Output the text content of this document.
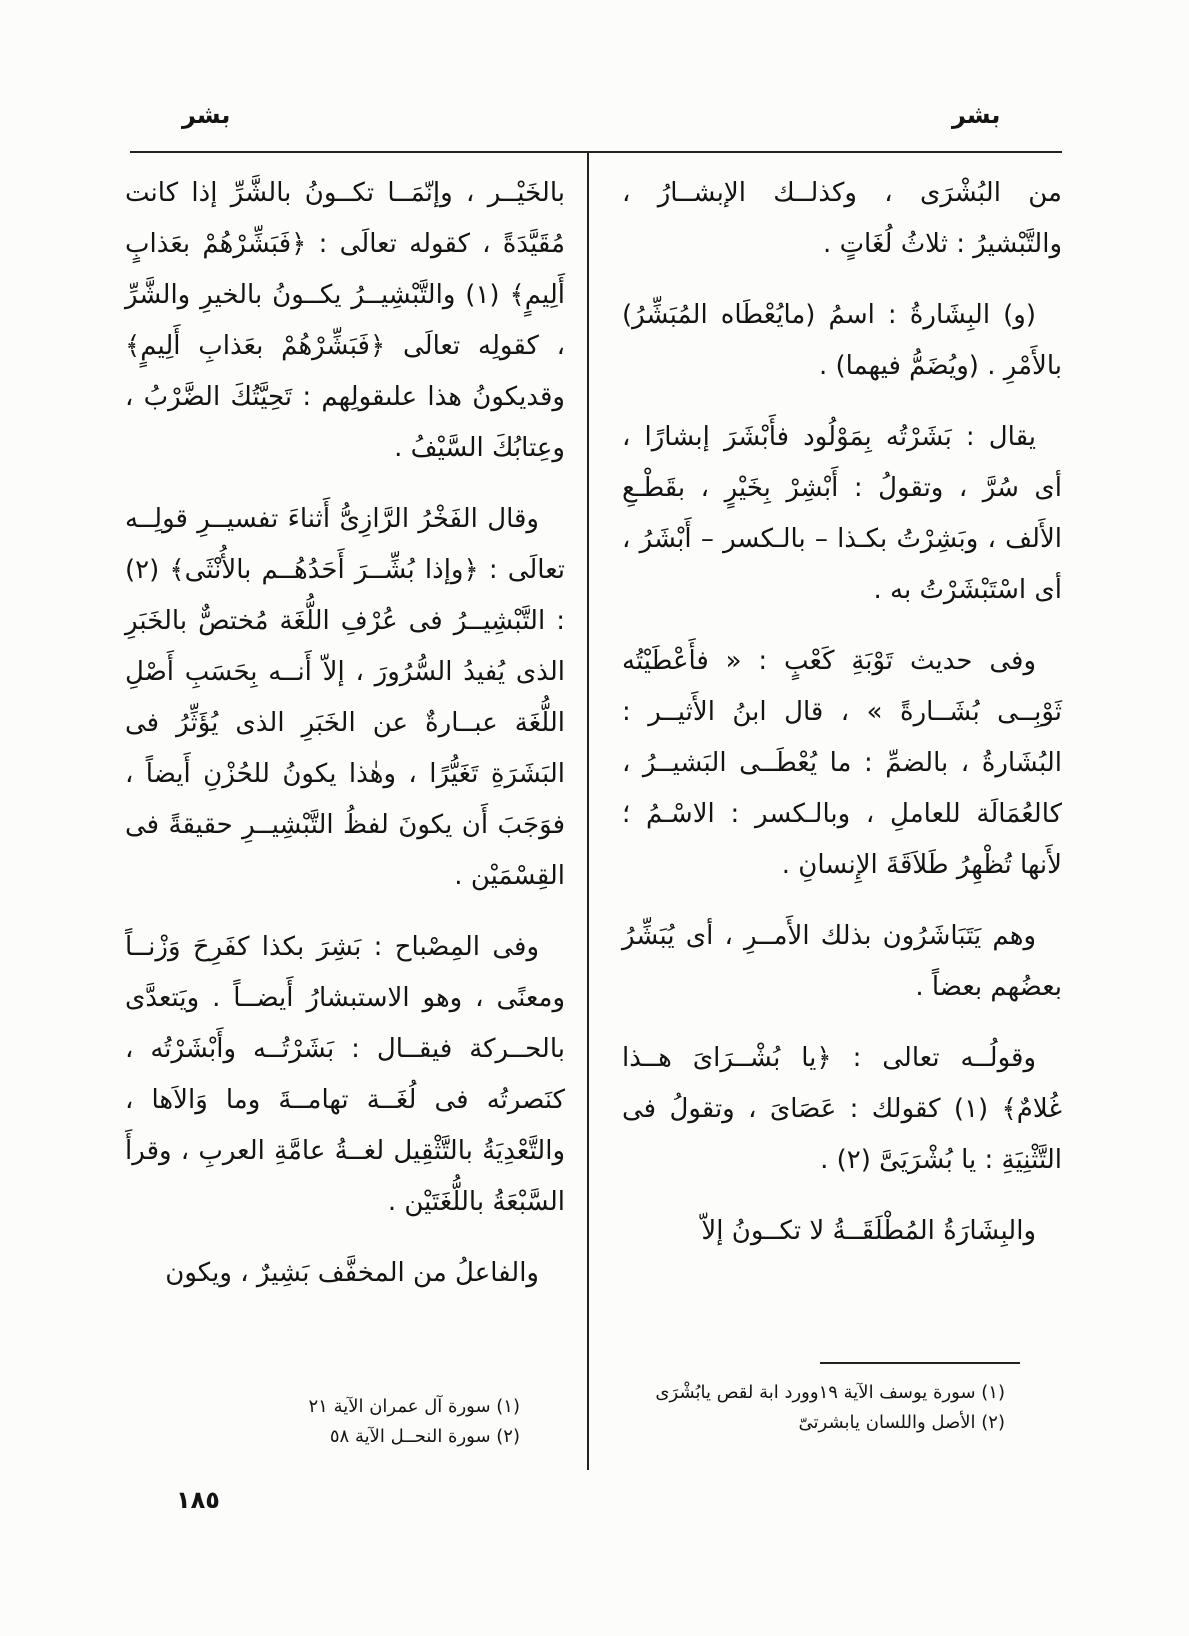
بشر	بشر

من البُشْرَى ، وكذلــك الإبشــارُ ، والتَّبْشيرُ : ثلاثُ لُغَاتٍ .

(و) البِشَارةُ : اسمُ (مايُعْطَاه المُبَشِّرُ) بالأَمْرِ . (ويُضَمُّ فيهما) .

يقال : بَشَرْتُه بِمَوْلُود فأَبْشَرَ إبشارًا ، أى سُرَّ ، وتقولُ : أَبْشِرْ بِخَيْرٍ ، بقَطْـعِ الأَلف ، وبَشِرْتُ بكـذا – بالـكسر – أَبْشَرُ ، أى اسْتَبْشَرْتُ به .

وفى حديث تَوْبَةِ كَعْبٍ : « فأَعْطَيْتُه ثَوْبِــى بُشَــارةً » ، قال ابنُ الأَثيــر : البُشَارةُ ، بالضمِّ : ما يُعْطَــى البَشيــرُ ، كالعُمَالَة للعاملِ ، وبالـكسر : الاسْـمُ ؛ لأَنها تُظْهِرُ طَلاَقَةَ الإِنسانِ .

وهم يَتَبَاشَرُون بذلك الأَمــرِ ، أى يُبَشِّرُ بعضُهم بعضاً .

وقولُــه تعالى : ﴿يا بُشْــرَاىَ هــذا غُلامٌ﴾ (١) كقولك : عَصَاىَ ، وتقولُ فى التَّثْنِيَةِ : يا بُشْرَيَىَّ (٢) .

والبِشَارَةُ المُطْلَقَــةُ لا تكــونُ إلاّ

بالخَيْــر ، وإنّمَــا تكــونُ بالشَّرِّ إذا كانت مُقَيَّدَةً ، كقوله تعالَى : ﴿فَبَشِّرْهُمْ بعَذابٍ أَلِيمٍ﴾ (١) والتَّبْشِيــرُ يكــونُ بالخيرِ والشَّرِّ ، كقولِه تعالَى ﴿فَبَشِّرْهُمْ بعَذابِ أَلِيمٍ﴾ وقديكونُ هذا علىقولِهم : تَحِيَّتُكَ الضَّرْبُ ، وعِتابُكَ السَّيْفُ .

وقال الفَخْرُ الرَّازِىُّ أَثناءَ تفسيــرِ قولِــه تعالَى : ﴿وإذا بُشِّــرَ أَحَدُهُــم بالأُنْثَى﴾ (٢) : التَّبْشِيــرُ فى عُرْفِ اللُّغَة مُختصٌّ بالخَبَرِ الذى يُفيدُ السُّرُورَ ، إلاّ أَنــه بِحَسَبِ أَصْلِ اللُّغَة عبــارةٌ عن الخَبَرِ الذى يُؤَثِّرُ فى البَشَرَةِ تَغَيُّرًا ، وهٰذا يكونُ للحُزْنِ أَيضاً ، فوَجَبَ أَن يكونَ لفظُ التَّبْشِيــرِ حقيقةً فى القِسْمَيْن .

وفى المِصْباح : بَشِرَ بكذا كفَرِحَ وَزْنــاً ومعنًى ، وهو الاستبشارُ أَيضــاً . ويَتعدَّى بالحــركة فيقــال : بَشَرْتُــه وأَبْشَرْتُه ، كنَصرتُه فى لُغَــة تهامــةَ وما وَالاَها ، والتَّعْدِيَةُ بالتَّثْقِيل لغــةُ عامَّةِ العربِ ، وقرأَ السَّبْعَةُ باللُّغَتَيْن .

والفاعلُ من المخفَّف بَشِيرٌ ، ويكون

(١) سورة يوسف الآية ١٩وورد ابة لقص يابُشْرَى
(٢) الأصل واللسان يابشرتىّ
(١) سورة آل عمران الآية ٢١
(٢) سورة النحــل الآية ٥٨
١٨٥
